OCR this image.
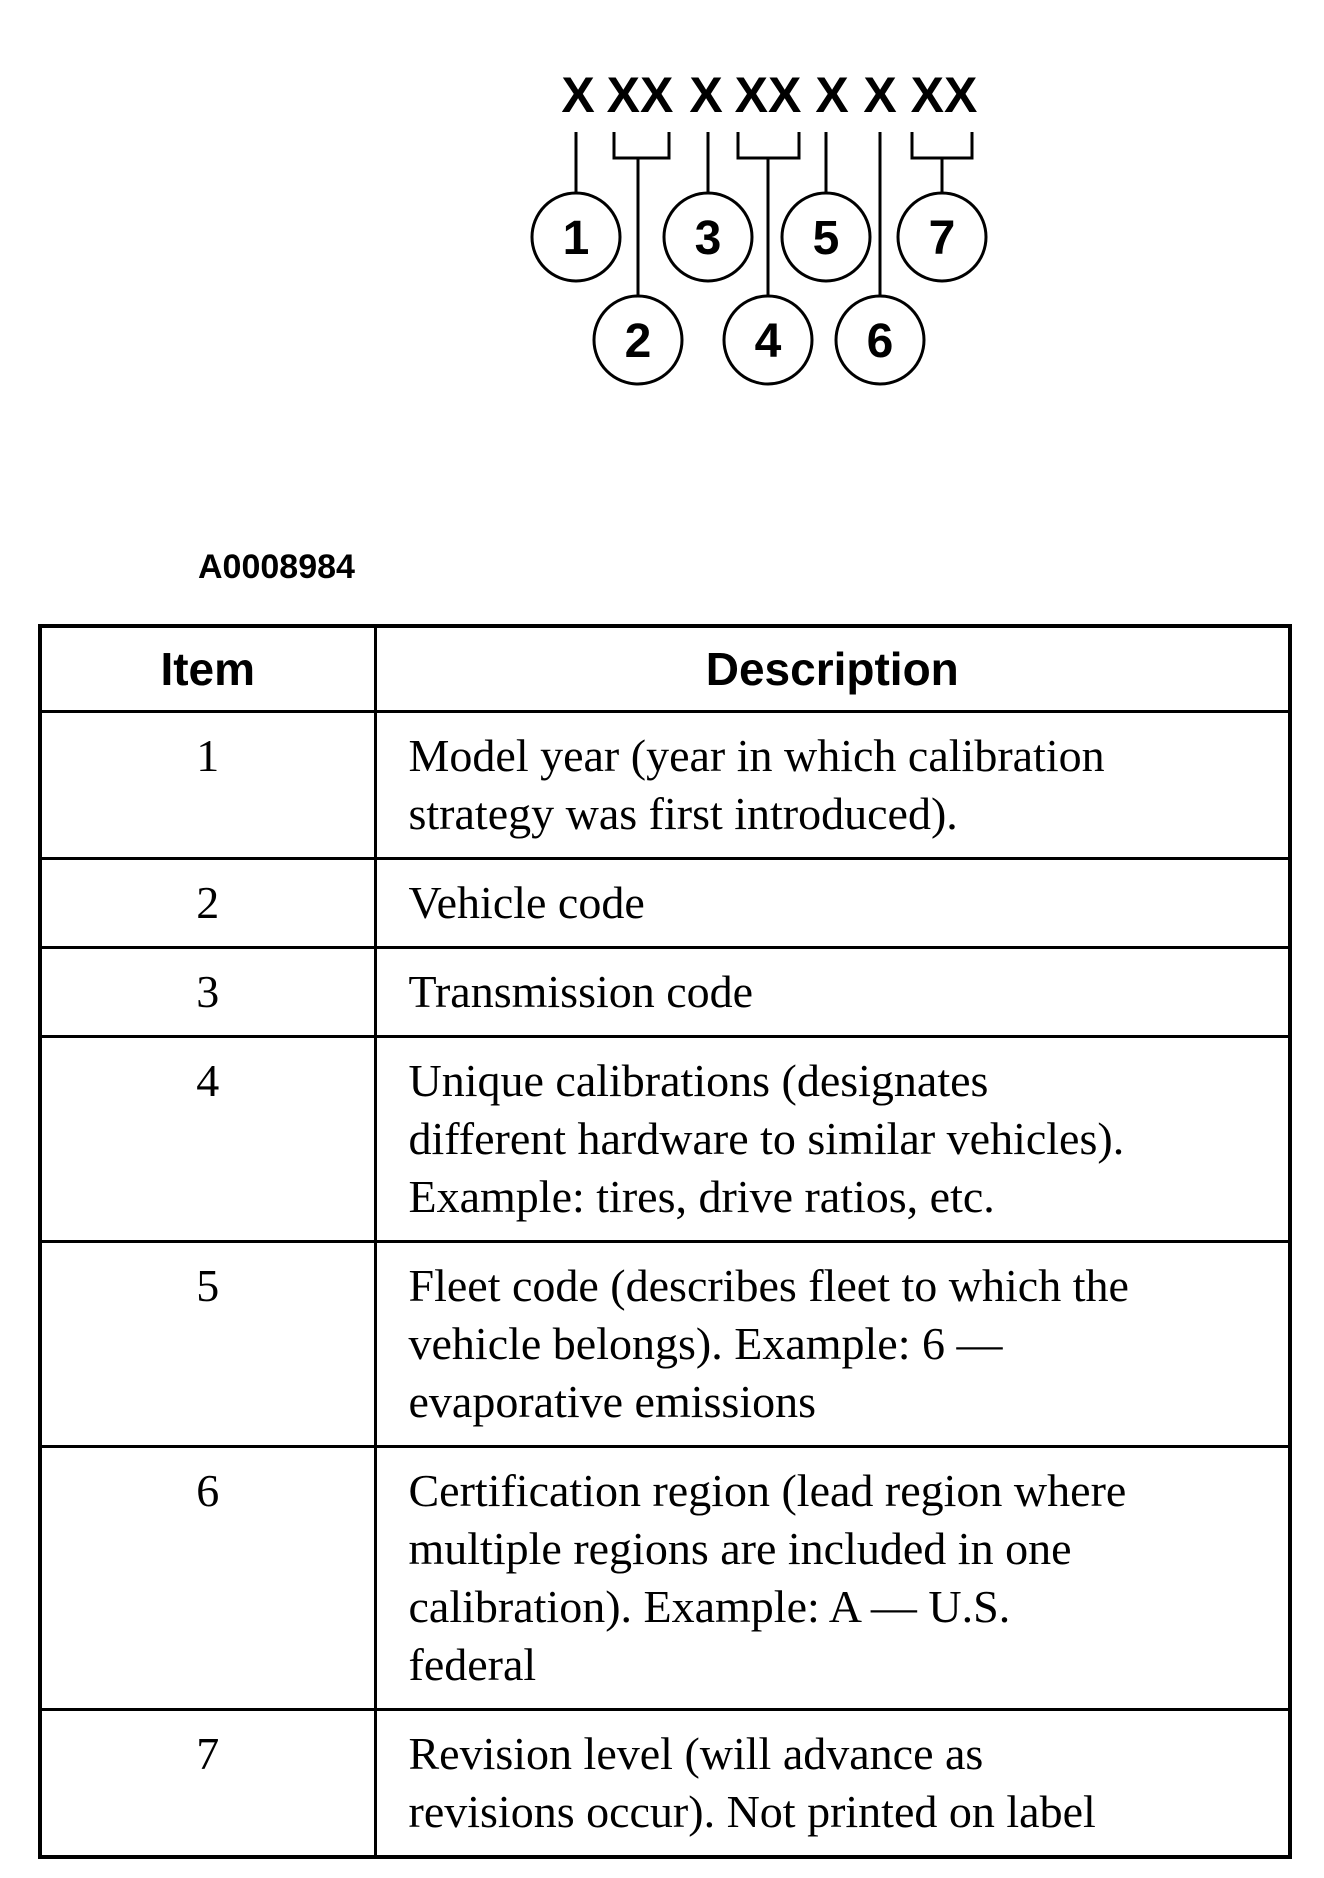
X XX X XX X X XX
1
2
3
4
5
6
7
A0008984
Item	Description
1	Model year (year in which calibration
strategy was first introduced).

2	Vehicle code

3	Transmission code

4	Unique calibrations (designates
different hardware to similar vehicles).
Example: tires, drive ratios, etc.

5	Fleet code (describes fleet to which the
vehicle belongs). Example: 6 —
evaporative emissions

6	Certification region (lead region where
multiple regions are included in one
calibration). Example: A — U.S.
federal

7	Revision level (will advance as
revisions occur). Not printed on label
